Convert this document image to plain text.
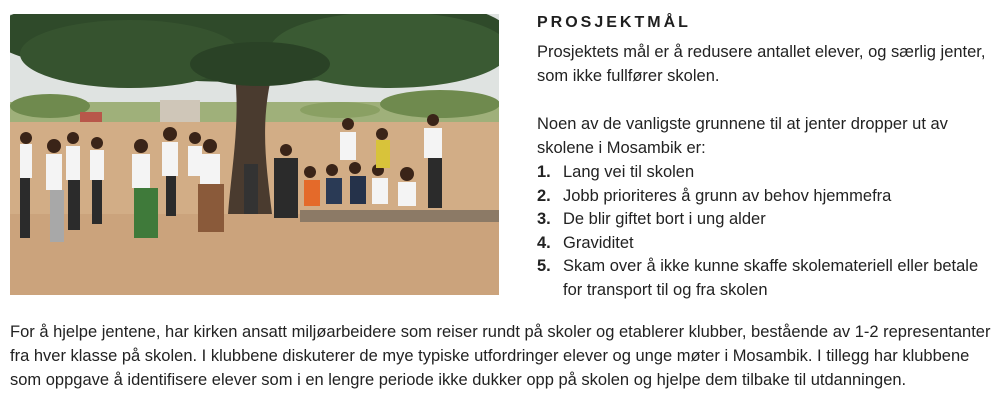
PROSJEKTMÅL

Prosjektets mål er å redusere antallet elever, og særlig jenter, som ikke fullfører skolen.

Noen av de vanligste grunnene til at jenter dropper ut av skolene i Mosambik er:

1. Lang vei til skolen
2. Jobb prioriteres å grunn av behov hjemmefra
3. De blir giftet bort i ung alder
4. Graviditet
5. Skam over å ikke kunne skaffe skolemateriell eller betale for transport til og fra skolen

For å hjelpe jentene, har kirken ansatt miljøarbeidere som reiser rundt på skoler og etablerer klubber, bestående av 1-2 representanter fra hver klasse på skolen. I klubbene diskuterer de mye typiske utfordringer elever og unge møter i Mosambik. I tillegg har klubbene som oppgave å identifisere elever som i en lengre periode ikke dukker opp på skolen og hjelpe dem tilbake til utdanningen.
